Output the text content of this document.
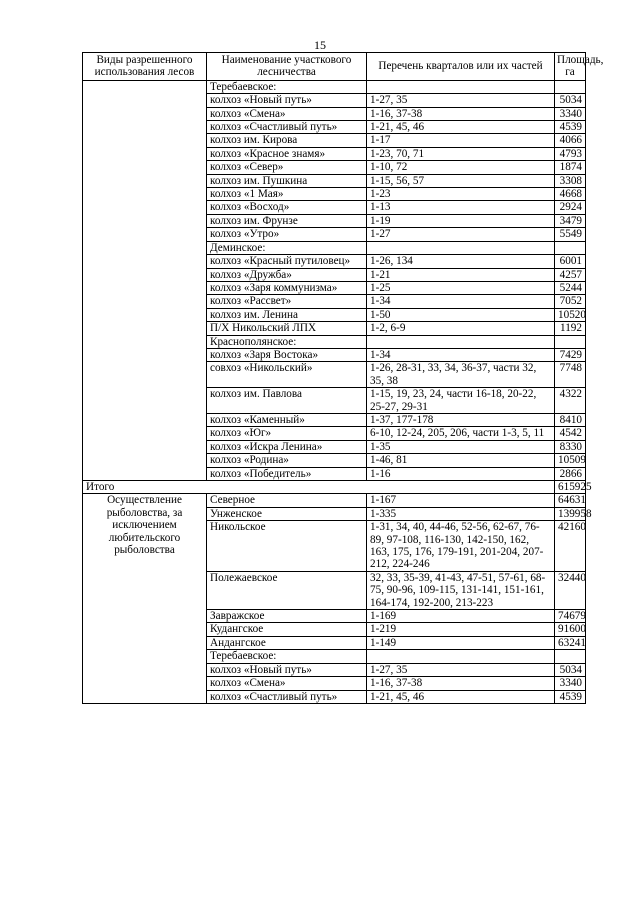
15
Виды разрешенного использования лесов	Наименование участкового лесничества	Перечень кварталов или их частей	Площадь, га
	Теребаевское:		
	колхоз «Новый путь»	1-27, 35	5034
	колхоз «Смена»	1-16, 37-38	3340
	колхоз «Счастливый путь»	1-21, 45, 46	4539
	колхоз им. Кирова	1-17	4066
	колхоз «Красное знамя»	1-23, 70, 71	4793
	колхоз «Север»	1-10, 72	1874
	колхоз им. Пушкина	1-15, 56, 57	3308
	колхоз «1 Мая»	1-23	4668
	колхоз «Восход»	1-13	2924
	колхоз им. Фрунзе	1-19	3479
	колхоз «Утро»	1-27	5549
	Деминское:		
	колхоз «Красный путиловец»	1-26, 134	6001
	колхоз «Дружба»	1-21	4257
	колхоз «Заря коммунизма»	1-25	5244
	колхоз «Рассвет»	1-34	7052
	колхоз им. Ленина	1-50	10520
	П/Х Никольский ЛПХ	1-2, 6-9	1192
	Краснополянское:		
	колхоз «Заря Востока»	1-34	7429
	совхоз «Никольский»	1-26, 28-31, 33, 34, 36-37, части 32, 35, 38	7748
	колхоз им. Павлова	1-15, 19, 23, 24, части 16-18, 20-22, 25-27, 29-31	4322
	колхоз «Каменный»	1-37, 177-178	8410
	колхоз «Юг»	6-10, 12-24, 205, 206, части 1-3, 5, 11	4542
	колхоз «Искра Ленина»	1-35	8330
	колхоз «Родина»	1-46, 81	10509
	колхоз «Победитель»	1-16	2866
Итого			615925
Осуществление рыболовства, за исключением любительского рыболовства	Северное	1-167	64631
	Унженское	1-335	139958
	Никольское	1-31, 34, 40, 44-46, 52-56, 62-67, 76-89, 97-108, 116-130, 142-150, 162, 163, 175, 176, 179-191, 201-204, 207-212, 224-246	42160
	Полежаевское	32, 33, 35-39, 41-43, 47-51, 57-61, 68-75, 90-96, 109-115, 131-141, 151-161, 164-174, 192-200, 213-223	32440
	Завражское	1-169	74679
	Кудангское	1-219	91600
	Андангское	1-149	63241
	Теребаевское:		
	колхоз «Новый путь»	1-27, 35	5034
	колхоз «Смена»	1-16, 37-38	3340
	колхоз «Счастливый путь»	1-21, 45, 46	4539
